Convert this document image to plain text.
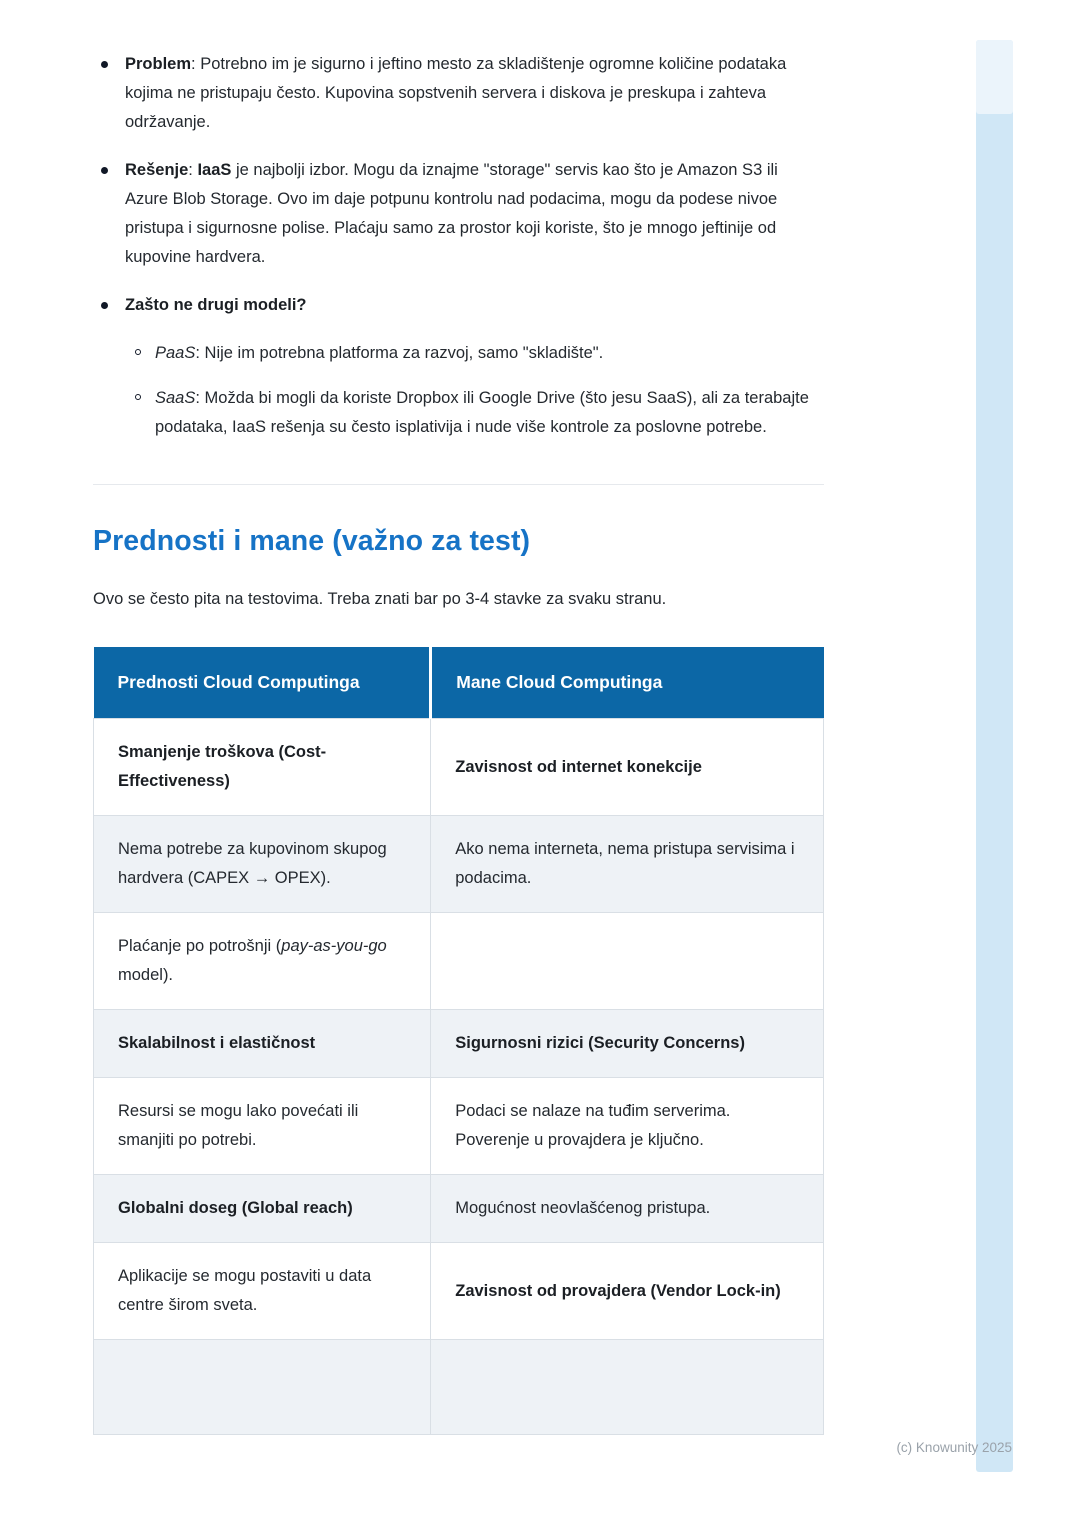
Problem: Potrebno im je sigurno i jeftino mesto za skladištenje ogromne količine podataka kojima ne pristupaju često. Kupovina sopstvenih servera i diskova je preskupa i zahteva održavanje.
Rešenje: IaaS je najbolji izbor. Mogu da iznajme "storage" servis kao što je Amazon S3 ili Azure Blob Storage. Ovo im daje potpunu kontrolu nad podacima, mogu da podese nivoe pristupa i sigurnosne polise. Plaćaju samo za prostor koji koriste, što je mnogo jeftinije od kupovine hardvera.
Zašto ne drugi modeli?
PaaS: Nije im potrebna platforma za razvoj, samo "skladište".
SaaS: Možda bi mogli da koriste Dropbox ili Google Drive (što jesu SaaS), ali za terabajte podataka, IaaS rešenja su često isplativija i nude više kontrole za poslovne potrebe.
Prednosti i mane (važno za test)

Ovo se često pita na testovima. Treba znati bar po 3-4 stavke za svaku stranu.

Prednosti Cloud Computinga	Mane Cloud Computinga
Smanjenje troškova (Cost-Effectiveness)	Zavisnost od internet konekcije
Nema potrebe za kupovinom skupog hardvera (CAPEX → OPEX).	Ako nema interneta, nema pristupa servisima i podacima.
Plaćanje po potrošnji (pay-as-you-go model).	
Skalabilnost i elastičnost	Sigurnosni rizici (Security Concerns)
Resursi se mogu lako povećati ili smanjiti po potrebi.	Podaci se nalaze na tuđim serverima. Poverenje u provajdera je ključno.
Globalni doseg (Global reach)	Mogućnost neovlašćenog pristupa.
Aplikacije se mogu postaviti u data centre širom sveta.	Zavisnost od provajdera (Vendor Lock-in)

(c) Knowunity 2025
